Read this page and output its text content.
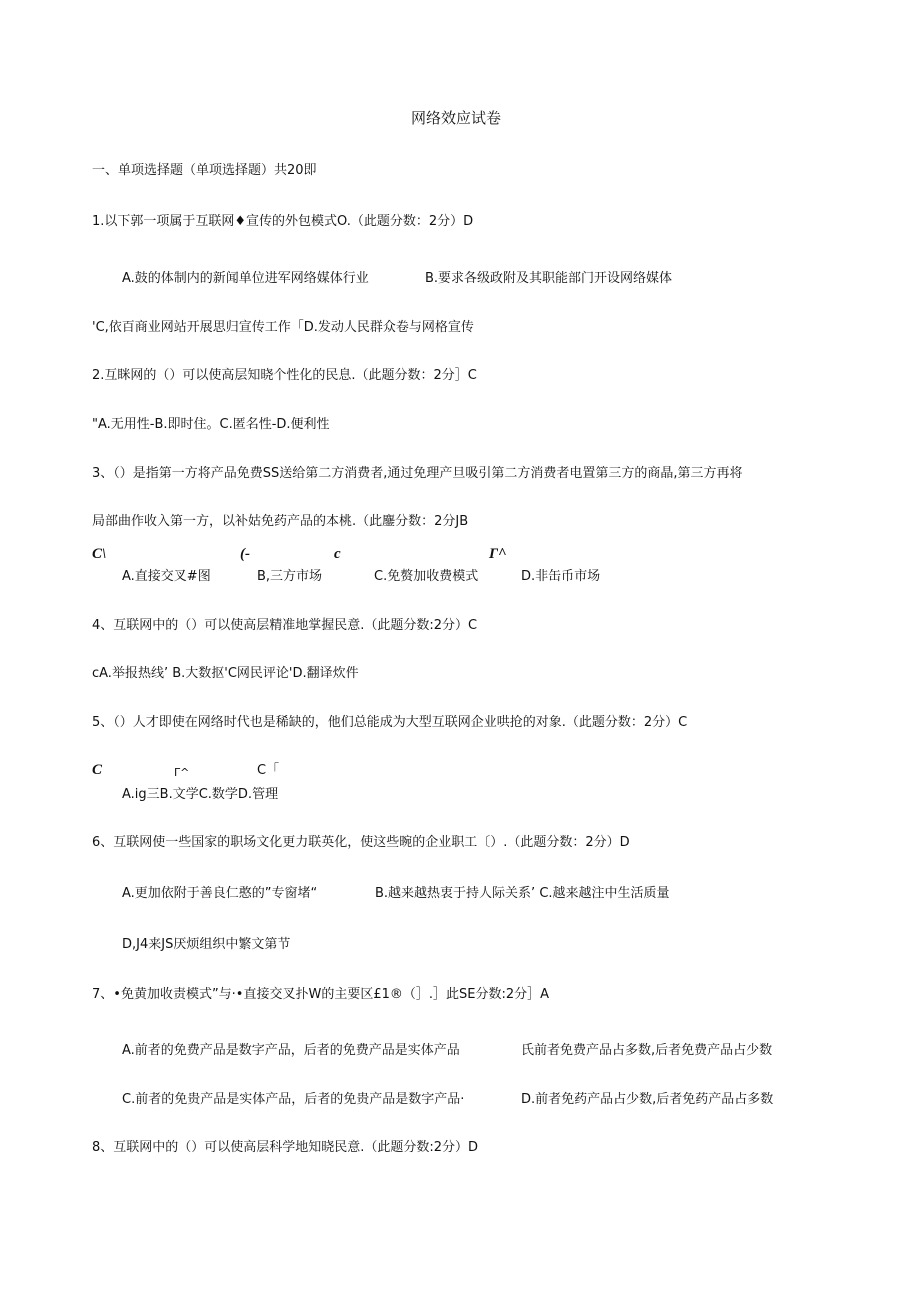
网络效应试卷
一、单项选择题（单项选择题）共20即
1.以下郭一项属于互联网♦宣传的外包模式O.（此题分数：2分）D
A.鼓的体制内的新闻单位进军网络媒体行业	B.要求各级政附及其职能部门开设网络媒体
'C,依百商业网站开展思归宣传工作「D.发动人民群众卷与网格宣传
2.互眯网的（）可以使高层知晓个性化的民息.（此题分数：2分］C
"A.无用性-B.即时住。C.匿名性-D.便利性
3、（）是指第一方将产品免费SS送给第二方消费者,通过免理产旦吸引第二方消费者电置第三方的商晶,第三方再将
局部曲作收入第一方，以补姑免药产品的本桃.（此鏖分数：2分JB
C\	(-	c	Γ^
A.直接交叉#图	B,三方市场	C.免赘加收费模式	D.非缶币市场
4、互联网中的（）可以使高层精准地掌握民意.（此题分数:2分）C
cA.举报热线’ B.大数抠'C网民评论'D.翻译炊件
5、（）人才即使在网络时代也是稀缺的，他们总能成为大型互联网企业哄抢的对象.（此题分数：2分）C
C	Γ^	C「
A.ig三B.文学C.数学D.管理
6、互联网使一些国家的职场文化更力联英化，使这些晼的企业职工〔）.（此题分数：2分）D
A.更加依附于善良仁憨的”专窗堵“	B.越来越热衷于持人际关系’ C.越来越注中生活质量
D,J4来JS厌烦组织中繁文第节
7、•免黄加收责模式”与·•直接交叉扑W的主要区£1®（］.］此SE分数:2分］A
A.前者的免费产品是数字产品，后者的免费产品是实体产品	氏前者免费产品占多数,后者免费产品占少数
C.前者的免贵产品是实体产品，后者的免贵产品是数字产品·	D.前者免药产品占少数,后者免药产品占多数
8、互联网中的（）可以使高层科学地知晓民意.（此题分数:2分）D
